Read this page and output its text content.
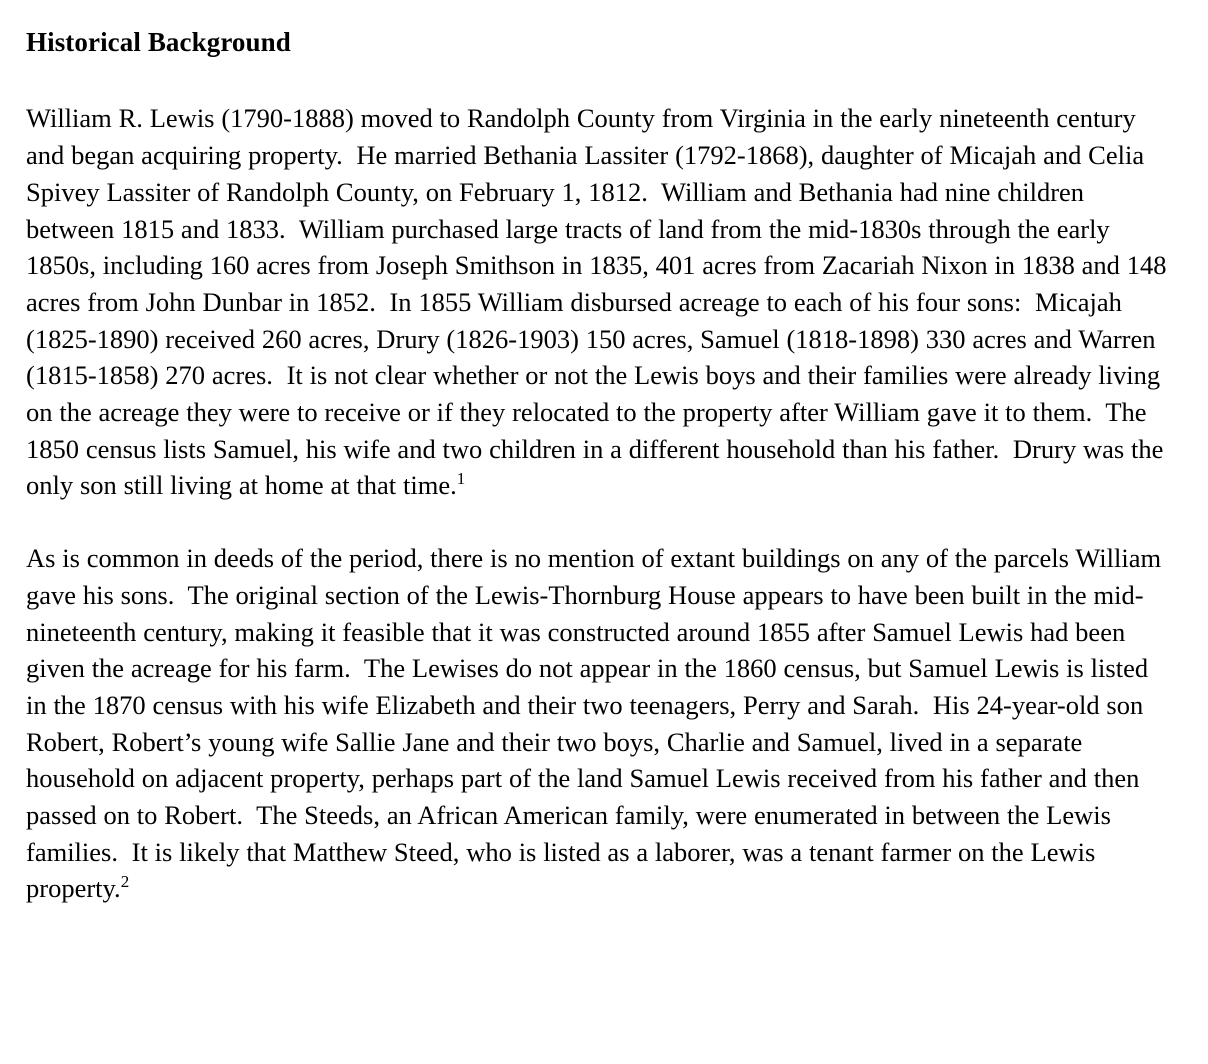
Historical Background

William R. Lewis (1790-1888) moved to Randolph County from Virginia in the early nineteenth century and began acquiring property.  He married Bethania Lassiter (1792-1868), daughter of Micajah and Celia Spivey Lassiter of Randolph County, on February 1, 1812.  William and Bethania had nine children between 1815 and 1833.  William purchased large tracts of land from the mid-1830s through the early 1850s, including 160 acres from Joseph Smithson in 1835, 401 acres from Zacariah Nixon in 1838 and 148 acres from John Dunbar in 1852.  In 1855 William disbursed acreage to each of his four sons:  Micajah (1825-1890) received 260 acres, Drury (1826-1903) 150 acres, Samuel (1818-1898) 330 acres and Warren (1815-1858) 270 acres.  It is not clear whether or not the Lewis boys and their families were already living on the acreage they were to receive or if they relocated to the property after William gave it to them.  The 1850 census lists Samuel, his wife and two children in a different household than his father.  Drury was the only son still living at home at that time.$^1$

As is common in deeds of the period, there is no mention of extant buildings on any of the parcels William gave his sons.  The original section of the Lewis-Thornburg House appears to have been built in the mid-nineteenth century, making it feasible that it was constructed around 1855 after Samuel Lewis had been given the acreage for his farm.  The Lewises do not appear in the 1860 census, but Samuel Lewis is listed in the 1870 census with his wife Elizabeth and their two teenagers, Perry and Sarah.  His 24-year-old son Robert, Robert’s young wife Sallie Jane and their two boys, Charlie and Samuel, lived in a separate household on adjacent property, perhaps part of the land Samuel Lewis received from his father and then passed on to Robert.  The Steeds, an African American family, were enumerated in between the Lewis families.  It is likely that Matthew Steed, who is listed as a laborer, was a tenant farmer on the Lewis property.$^2$
